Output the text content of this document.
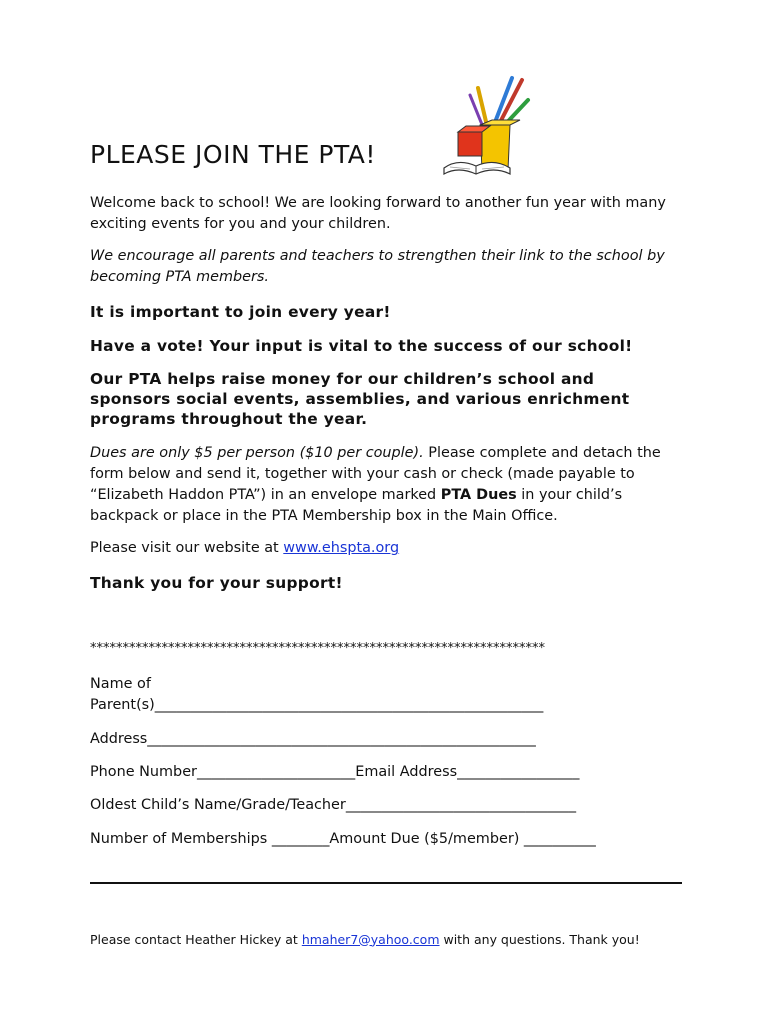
PLEASE JOIN THE PTA!

Welcome back to school! We are looking forward to another fun year with many exciting events for you and your children.

We encourage all parents and teachers to strengthen their link to the school by becoming PTA members.

It is important to join every year!

Have a vote! Your input is vital to the success of our school!

Our PTA helps raise money for our children’s school and sponsors social events, assemblies, and various enrichment programs throughout the year.

Dues are only $5 per person ($10 per couple). Please complete and detach the form below and send it, together with your cash or check (made payable to “Elizabeth Haddon PTA”) in an envelope marked PTA Dues in your child’s backpack or place in the PTA Membership box in the Main Office.

Please visit our website at www.ehspta.org

Thank you for your support!

**********************************************************************

Name of

Parent(s)______________________________________________________

Address______________________________________________________

Phone Number______________________Email Address_________________

Oldest Child’s Name/Grade/Teacher________________________________

Number of Memberships ________Amount Due ($5/member) __________

Please contact Heather Hickey at hmaher7@yahoo.com with any questions. Thank you!
